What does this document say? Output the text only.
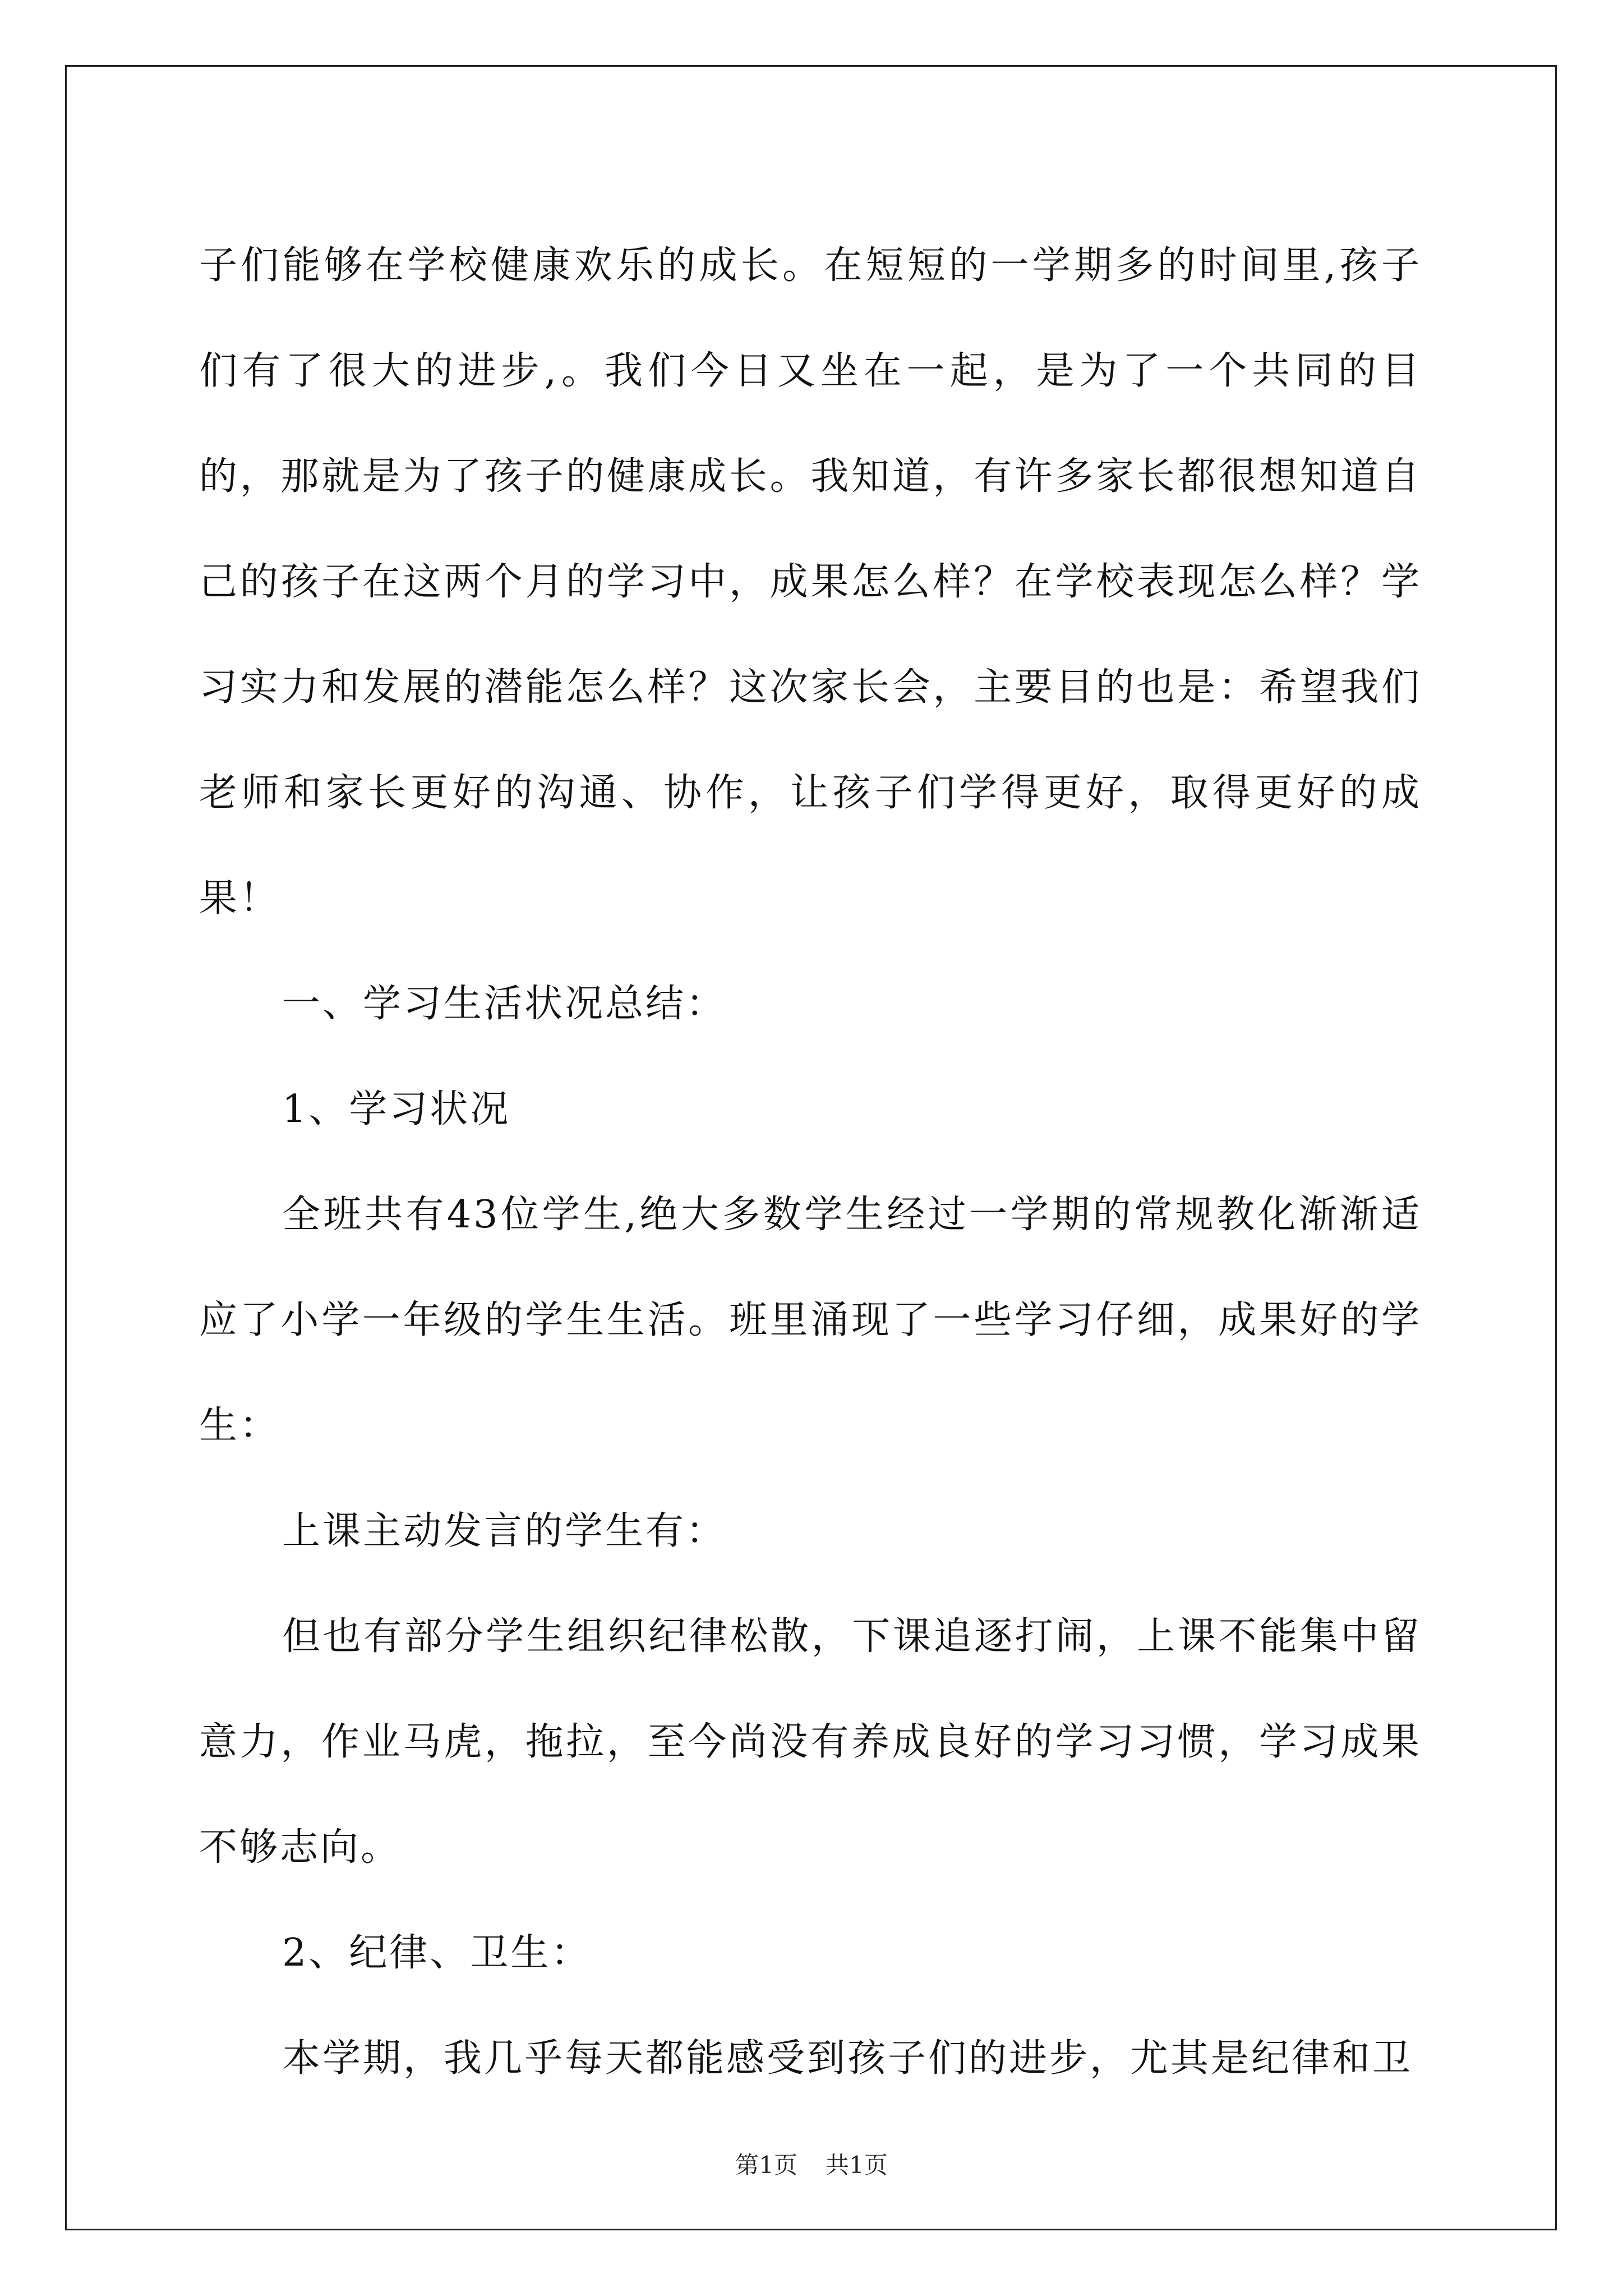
子们能够在学校健康欢乐的成长。在短短的一学期多的时间里,孩子们有了很大的进步,。我们今日又坐在一起，是为了一个共同的目的，那就是为了孩子的健康成长。我知道，有许多家长都很想知道自己的孩子在这两个月的学习中，成果怎么样？在学校表现怎么样？学习实力和发展的潜能怎么样？这次家长会，主要目的也是：希望我们老师和家长更好的沟通、协作，让孩子们学得更好，取得更好的成果！

一、学习生活状况总结：

1、学习状况

全班共有43位学生,绝大多数学生经过一学期的常规教化渐渐适应了小学一年级的学生生活。班里涌现了一些学习仔细，成果好的学生：

上课主动发言的学生有：

但也有部分学生组织纪律松散，下课追逐打闹，上课不能集中留意力，作业马虎，拖拉，至今尚没有养成良好的学习习惯，学习成果不够志向。

2、纪律、卫生：

本学期，我几乎每天都能感受到孩子们的进步，尤其是纪律和卫

第1页 共1页
